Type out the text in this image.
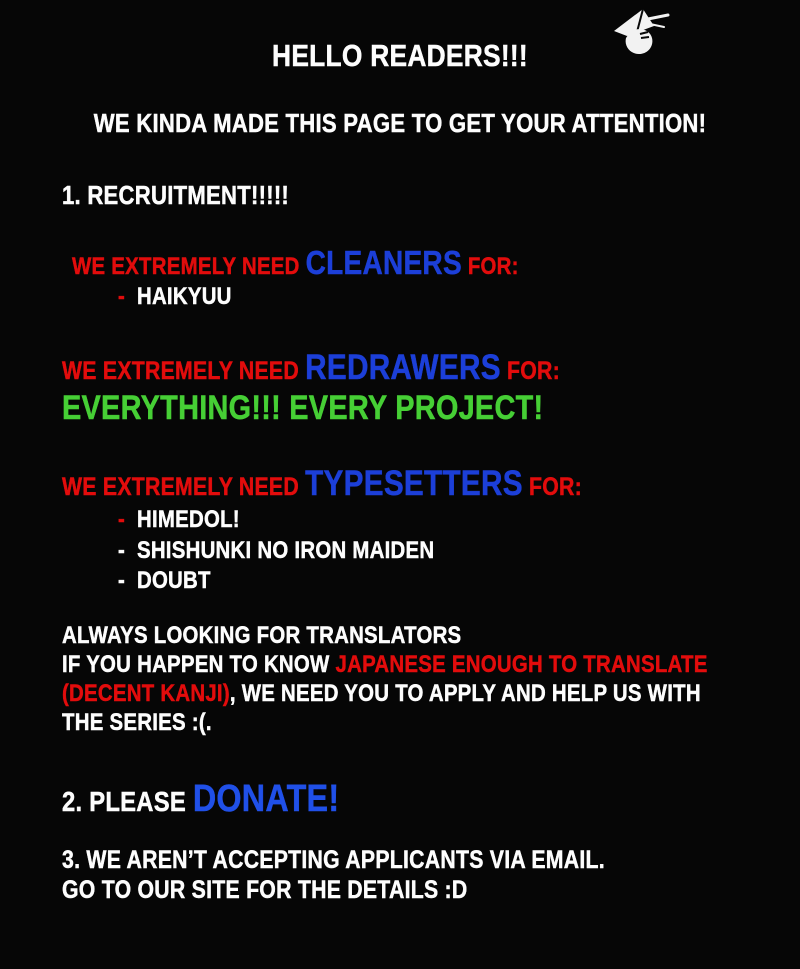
HELLO READERS!!!
WE KINDA MADE THIS PAGE TO GET YOUR ATTENTION!
1. RECRUITMENT!!!!!
WE EXTREMELY NEED CLEANERS FOR:
- HAIKYUU
WE EXTREMELY NEED REDRAWERS FOR:
EVERYTHING!!! EVERY PROJECT!
WE EXTREMELY NEED TYPESETTERS FOR:
- HIMEDOL!
- SHISHUNKI NO IRON MAIDEN
- DOUBT
ALWAYS LOOKING FOR TRANSLATORS
IF YOU HAPPEN TO KNOW JAPANESE ENOUGH TO TRANSLATE
(DECENT KANJI), WE NEED YOU TO APPLY AND HELP US WITH
THE SERIES :(.
2. PLEASE DONATE!
3. WE AREN’T ACCEPTING APPLICANTS VIA EMAIL.
GO TO OUR SITE FOR THE DETAILS :D
